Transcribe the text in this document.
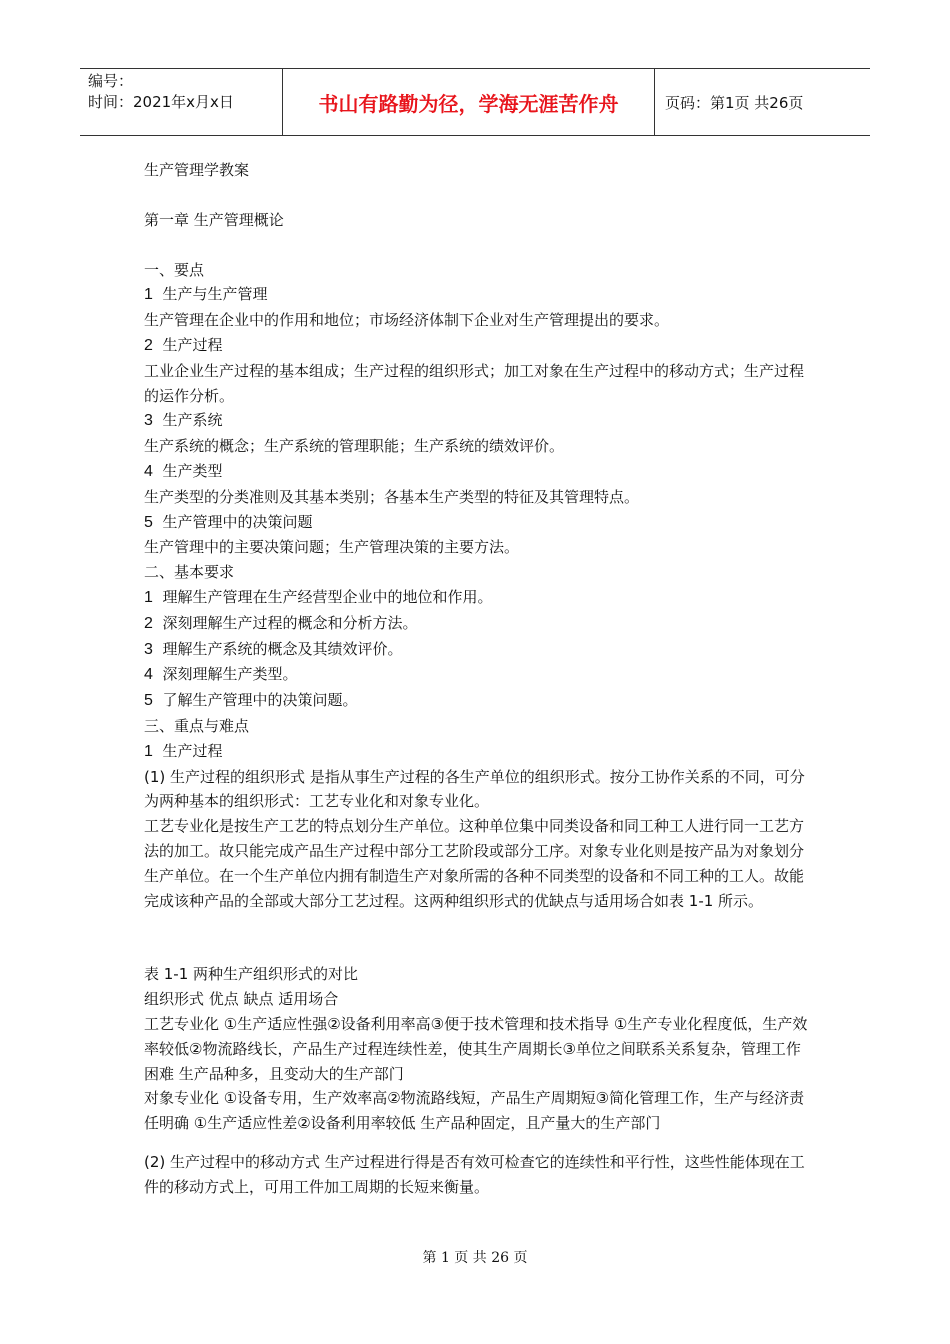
编号：
时间：2021年x月x日	书山有路勤为径，学海无涯苦作舟	页码：第1页 共26页

生产管理学教案

第一章 生产管理概论

一、要点

1 生产与生产管理

生产管理在企业中的作用和地位；市场经济体制下企业对生产管理提出的要求。

2 生产过程

工业企业生产过程的基本组成；生产过程的组织形式；加工对象在生产过程中的移动方式；生产过程的运作分析。

3 生产系统

生产系统的概念；生产系统的管理职能；生产系统的绩效评价。

4 生产类型

生产类型的分类准则及其基本类别；各基本生产类型的特征及其管理特点。

5 生产管理中的决策问题

生产管理中的主要决策问题；生产管理决策的主要方法。

二、基本要求

1 理解生产管理在生产经营型企业中的地位和作用。

2 深刻理解生产过程的概念和分析方法。

3 理解生产系统的概念及其绩效评价。

4 深刻理解生产类型。

5 了解生产管理中的决策问题。

三、重点与难点

1 生产过程

(1) 生产过程的组织形式 是指从事生产过程的各生产单位的组织形式。按分工协作关系的不同，可分为两种基本的组织形式：工艺专业化和对象专业化。

工艺专业化是按生产工艺的特点划分生产单位。这种单位集中同类设备和同工种工人进行同一工艺方法的加工。故只能完成产品生产过程中部分工艺阶段或部分工序。对象专业化则是按产品为对象划分生产单位。在一个生产单位内拥有制造生产对象所需的各种不同类型的设备和不同工种的工人。故能完成该种产品的全部或大部分工艺过程。这两种组织形式的优缺点与适用场合如表 1-1 所示。

表 1-1 两种生产组织形式的对比

组织形式 优点 缺点 适用场合

工艺专业化 ①生产适应性强②设备利用率高③便于技术管理和技术指导 ①生产专业化程度低，生产效率较低②物流路线长，产品生产过程连续性差，使其生产周期长③单位之间联系关系复杂，管理工作困难 生产品种多，且变动大的生产部门

对象专业化 ①设备专用，生产效率高②物流路线短，产品生产周期短③简化管理工作，生产与经济责任明确 ①生产适应性差②设备利用率较低 生产品种固定，且产量大的生产部门

(2) 生产过程中的移动方式 生产过程进行得是否有效可检查它的连续性和平行性，这些性能体现在工件的移动方式上，可用工件加工周期的长短来衡量。

第 1 页 共 26 页
